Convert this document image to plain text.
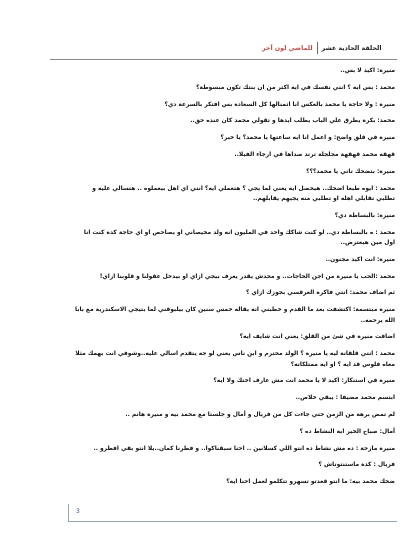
الحلقة الحادية عشر
للماضي لون آخر

منيرة: اكيد لا بس..

محمد : بس ايه ؟ انتي نفسك في ايه اكتر من ان بنتك تكون مبسوطة؟

منيرة : ولا حاجة يا محمد بالعكس انا اتمنالها كل السعادة بس افتكر بالسرعة دي؟

محمد: بكرة يطرق علي الباب يطلب ايدها و تقولي محمد كان عنده حق..

منيرة في قلق واضح: و اعمل انا ايه ساعتها يا محمد؟ يا خبر؟

قهقه محمد قهقهة مجلجلة ترتد صداها في ارجاء الفيلا..

منيرة: بتضحك تاني يا محمد؟؟؟

محمد : ايوه طبعا اضحك.. هيحصل ايه يعني لما يجي ؟ هتعملي ايه؟ انتي اي اهل بيعملوه .. هتسالي عليه و
تطلبي تقابلي اهله او تطلبي منه يجيهم يقابلهم..

منيرة: بالبساطة دي؟

محمد : ه بالبساطة دي.. لو كنت شاكك واحد في المليون انه ولد مخيصاني او يصاحص او اي حاجة كدة كنت انا
اول مين هيعترض..

منيرة: انت اكيد مجنون..

محمد :الحب يا منيرة من اجن الحاجات.. و محدش يقدر يعرف بيجي ازاي او بيدخل عقولنا و قلوبنا ازاي!

ثم اضاف محمد: انتي فاكرة العرقسي بجوزك ازاي ؟

منيرة مبتسمة: اكتشفت بعد ما القدم و خطبني انه بقاله خمس سنين كان بيلبوقني لما بتيجي الاسكندرية مع بابا
الله يرحمه..

اضافت منيرة في شئ من القلق: يعني انت شايف ايه؟

محمد : انتي قلقانة ليه يا منيرة ؟ الولد محترم و ابن ناس يعني لو جه يتقدم اسالي عليه..وشوفي انت يهمك مثلا
معاه فلوس قد ايه ؟ او ايه ممتلكاته؟

منيرة في استنكار: اكيد لا يا محمد انت مش عارف اختك ولا ايه؟

ابتسم محمد مضيفا : يبقي خلاص..

لم تمض برهة من الزمن حتي جاءت كل من فريال و أمال و جلستا مع محمد بيه و منيرة هانم ..

أمال: صباح الخير ايه النشاط ده ؟

منيرة مازحة : ده مش نشاط ده انتو اللي كسلانين .. احنا سبقناكوا.. و فطرنا كمان..يلا انتو بقي افطرو ..

فريال : كدة ماستنتوناش ؟

ضحك محمد بيه: ما انتو قعدتو تسهرو تتكلمو لعمل احنا ايه؟

3
